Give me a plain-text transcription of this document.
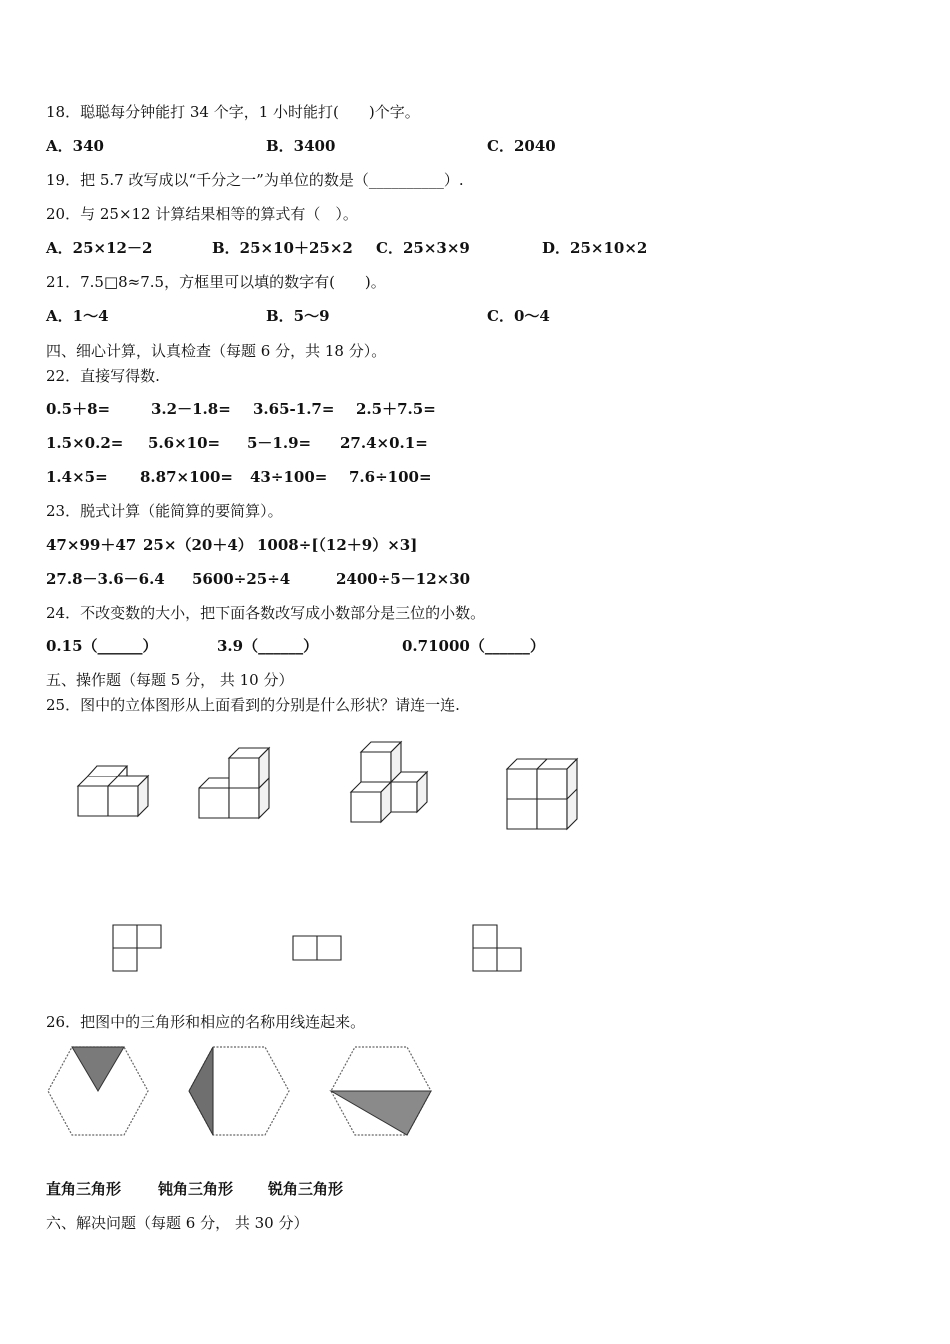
18．聪聪每分钟能打 34 个字，1 小时能打(　　)个字。
A．340	B．3400	C．2040
19．把 5.7 改写成以“千分之一”为单位的数是（__________）.
20．与 25×12 计算结果相等的算式有（　）。
A．25×12－2	B．25×10＋25×2 C．25×3×9	D．25×10×2
21．7.5□8≈7.5，方框里可以填的数字有(　　)。
A．1～4	B．5～9	C．0～4
四、细心计算，认真检查（每题 6 分，共 18 分）。
22．直接写得数.
0.5＋8=	3.2－1.8= 3.65-1.7= 2.5＋7.5=
1.5×0.2= 5.6×10= 5－1.9= 27.4×0.1=
1.4×5= 8.87×100= 43÷100= 7.6÷100=
23．脱式计算（能简算的要简算）。
47×99＋47 25×（20＋4） 1008÷[（12＋9）×3]
27.8－3.6－6.4 5600÷25÷4	2400÷5－12×30
24．不改变数的大小，把下面各数改写成小数部分是三位的小数。
0.15（______）	3.9（______）	0.71000（______）
五、操作题（每题 5 分， 共 10 分）
25．图中的立体图形从上面看到的分别是什么形状？请连一连.
26．把图中的三角形和相应的名称用线连起来。
直角三角形 钝角三角形 锐角三角形
六、解决问题（每题 6 分， 共 30 分）
